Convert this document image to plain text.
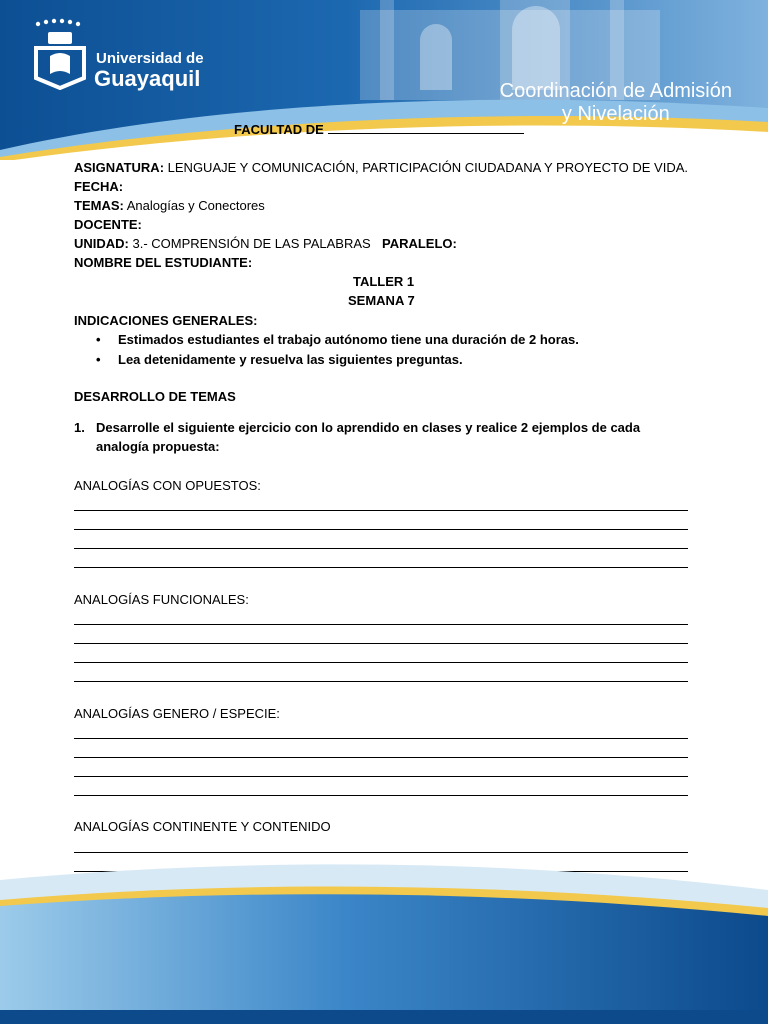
Universidad de
Guayaquil
FACULTAD DE
ASIGNATURA: LENGUAJE Y COMUNICACIÓN, PARTICIPACIÓN CIUDADANA Y PROYECTO DE VIDA.
FECHA:
TEMAS: Analogías y Conectores
DOCENTE:
UNIDAD: 3.- COMPRENSIÓN DE LAS PALABRAS PARALELO:
NOMBRE DEL ESTUDIANTE:
TALLER 1
SEMANA 7
INDICACIONES GENERALES:
• Estimados estudiantes el trabajo autónomo tiene una duración de 2 horas.
• Lea detenidamente y resuelva las siguientes preguntas.
DESARROLLO DE TEMAS
1. Desarrolle el siguiente ejercicio con lo aprendido en clases y realice 2 ejemplos de cada
analogía propuesta:
ANALOGÍAS CON OPUESTOS:
ANALOGÍAS FUNCIONALES:
ANALOGÍAS GENERO / ESPECIE:
ANALOGÍAS CONTINENTE Y CONTENIDO
Coordinación de Admisión
y Nivelación
